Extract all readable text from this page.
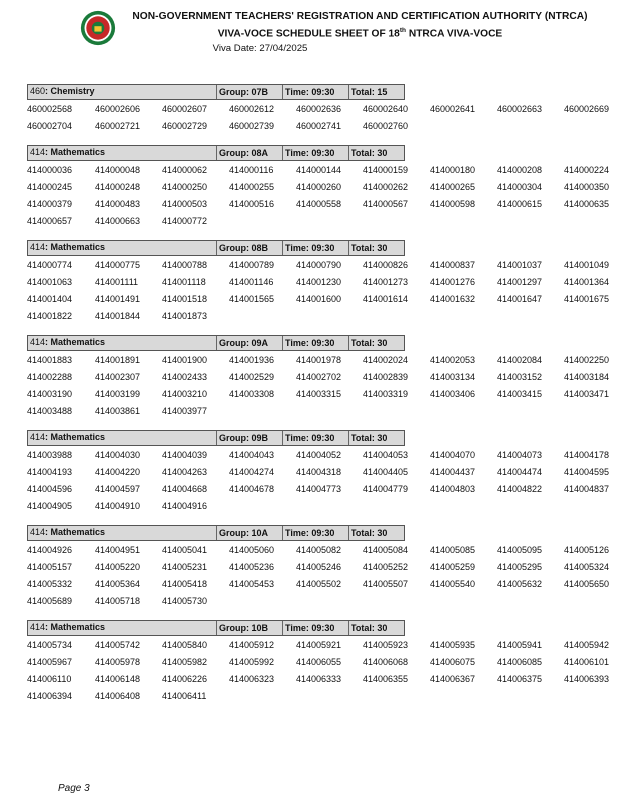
NON-GOVERNMENT TEACHERS' REGISTRATION AND CERTIFICATION AUTHORITY (NTRCA)
VIVA-VOCE SCHEDULE SHEET OF 18th NTRCA VIVA-VOCE
Viva Date: 27/04/2025
460: Chemistry	Group: 07B	Time: 09:30	Total: 15
460002568	460002606 460002607 460002612 460002636 460002640 460002641 460002663 460002669
460002704	460002721 460002729 460002739 460002741 460002760
414: Mathematics	Group: 08A	Time: 09:30	Total: 30
414000036	414000048 414000062 414000116	414000144 414000159 414000180 414000208 414000224
414000245	414000248 414000250 414000255 414000260 414000262 414000265 414000304 414000350
414000379	414000483 414000503 414000516 414000558 414000567 414000598 414000615 414000635
414000657	414000663 414000772
414: Mathematics	Group: 08B	Time: 09:30	Total: 30
414000774	414000775 414000788 414000789 414000790 414000826 414000837 414001037 414001049
414001063	414001111	414001118	414001146	414001230 414001273 414001276 414001297 414001364
414001404	414001491 414001518 414001565 414001600 414001614 414001632 414001647 414001675
414001822	414001844 414001873
414: Mathematics	Group: 09A	Time: 09:30	Total: 30
414001883	414001891 414001900 414001936 414001978 414002024 414002053 414002084 414002250
414002288	414002307 414002433 414002529 414002702 414002839 414003134 414003152 414003184
414003190	414003199 414003210 414003308 414003315 414003319 414003406 414003415 414003471
414003488	414003861 414003977
414: Mathematics	Group: 09B	Time: 09:30	Total: 30
414003988	414004030 414004039 414004043 414004052 414004053 414004070 414004073 414004178
414004193	414004220 414004263 414004274 414004318 414004405 414004437 414004474 414004595
414004596	414004597 414004668 414004678 414004773 414004779 414004803 414004822 414004837
414004905	414004910 414004916
414: Mathematics	Group: 10A	Time: 09:30	Total: 30
414004926	414004951 414005041 414005060 414005082 414005084 414005085 414005095 414005126
414005157	414005220 414005231 414005236 414005246 414005252 414005259 414005295 414005324
414005332	414005364 414005418 414005453 414005502 414005507 414005540 414005632 414005650
414005689	414005718 414005730
414: Mathematics	Group: 10B	Time: 09:30	Total: 30
414005734	414005742 414005840 414005912 414005921 414005923 414005935 414005941 414005942
414005967	414005978 414005982 414005992 414006055 414006068 414006075 414006085 414006101
414006110	414006148 414006226 414006323 414006333 414006355 414006367 414006375 414006393
414006394	414006408 414006411
Page 3
